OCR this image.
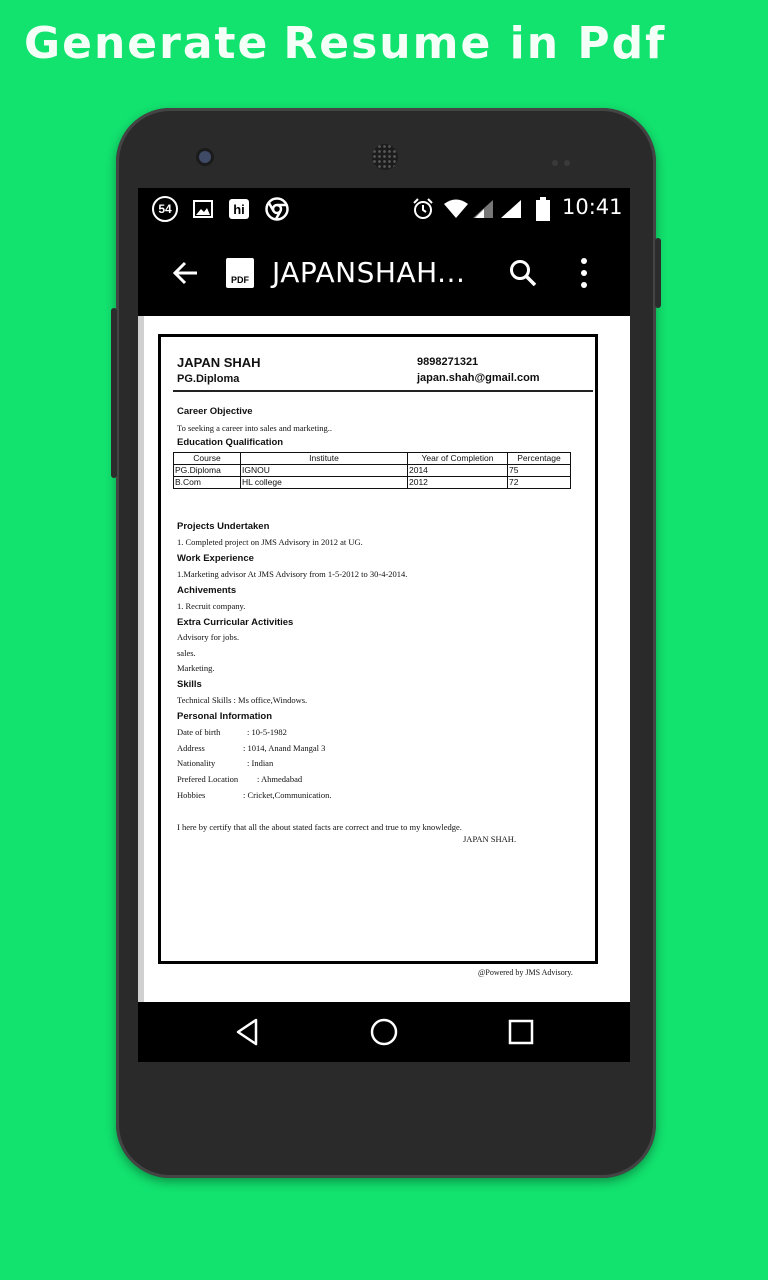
Generate Resume in Pdf
54	hi	10:41
PDF JAPANSHAH...
JAPAN SHAH
PG.Diploma
9898271321
japan.shah@gmail.com
Career Objective
To seeking a career into sales and marketing..
Education Qualification
Course	Institute	Year of Completion	Percentage
PG.Diploma	IGNOU	2014	75
B.Com	HL college	2012	72
Projects Undertaken
1. Completed project on JMS Advisory in 2012 at UG.
Work Experience
1.Marketing advisor At JMS Advisory from 1-5-2012 to 30-4-2014.
Achivements
1. Recruit company.
Extra Curricular Activities
Advisory for jobs.
sales.
Marketing.
Skills
Technical Skills : Ms office,Windows.
Personal Information
Date of birth	: 10-5-1982
Address	: 1014, Anand Mangal 3
Nationality	: Indian
Prefered Location : Ahmedabad
Hobbies	: Cricket,Communication.
I here by certify that all the about stated facts are correct and true to my knowledge.
JAPAN SHAH.
@Powered by JMS Advisory.
